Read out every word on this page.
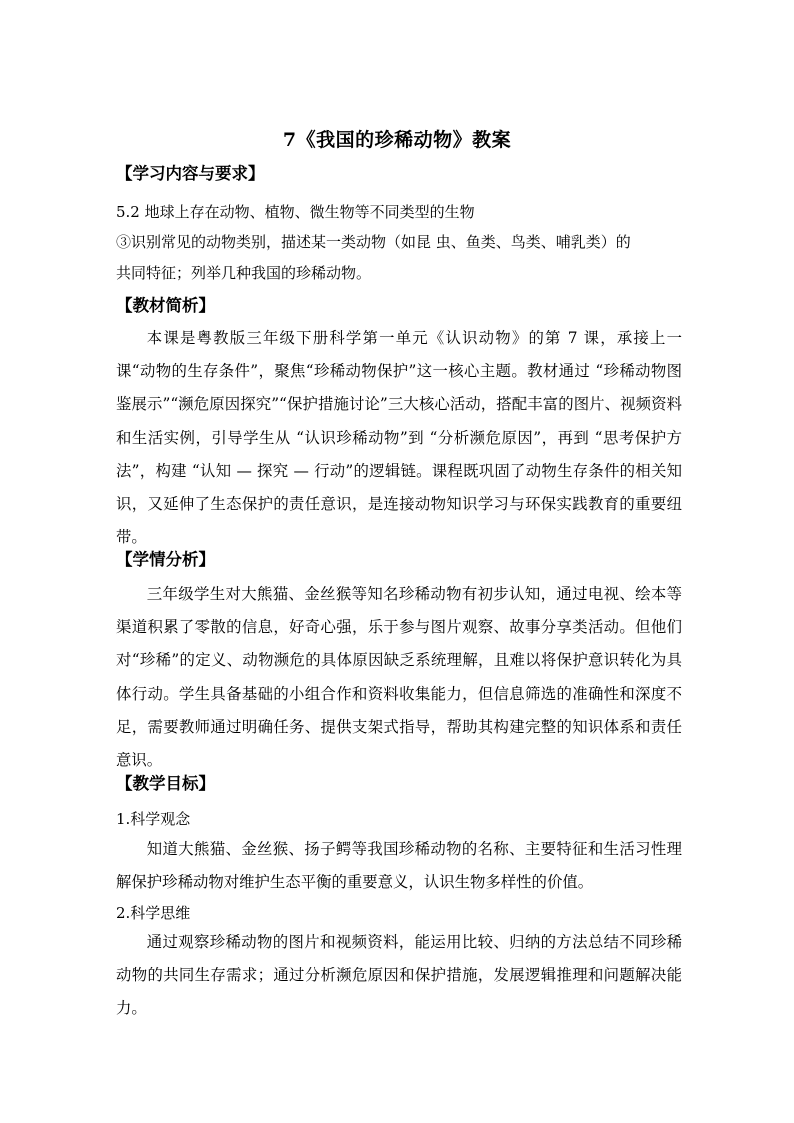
7《我国的珍稀动物》教案
【学习内容与要求】
5.2 地球上存在动物、植物、微生物等不同类型的生物
③识别常见的动物类别，描述某一类动物（如昆 虫、鱼类、鸟类、哺乳类）的
共同特征；列举几种我国的珍稀动物。
【教材简析】

本课是粤教版三年级下册科学第一单元《认识动物》的第 7 课，承接上一课“动物的生存条件”，聚焦“珍稀动物保护”这一核心主题。教材通过 “珍稀动物图鉴展示”“濒危原因探究”“保护措施讨论”三大核心活动，搭配丰富的图片、视频资料和生活实例，引导学生从 “认识珍稀动物”到 “分析濒危原因”，再到 “思考保护方法”，构建 “认知 — 探究 — 行动”的逻辑链。课程既巩固了动物生存条件的相关知识，又延伸了生态保护的责任意识，是连接动物知识学习与环保实践教育的重要纽带。

【学情分析】

三年级学生对大熊猫、金丝猴等知名珍稀动物有初步认知，通过电视、绘本等渠道积累了零散的信息，好奇心强，乐于参与图片观察、故事分享类活动。但他们对“珍稀”的定义、动物濒危的具体原因缺乏系统理解，且难以将保护意识转化为具体行动。学生具备基础的小组合作和资料收集能力，但信息筛选的准确性和深度不足，需要教师通过明确任务、提供支架式指导，帮助其构建完整的知识体系和责任意识。

【教学目标】
1.科学观念

知道大熊猫、金丝猴、扬子鳄等我国珍稀动物的名称、主要特征和生活习性理解保护珍稀动物对维护生态平衡的重要意义，认识生物多样性的价值。

2.科学思维

通过观察珍稀动物的图片和视频资料，能运用比较、归纳的方法总结不同珍稀动物的共同生存需求；通过分析濒危原因和保护措施，发展逻辑推理和问题解决能力。
